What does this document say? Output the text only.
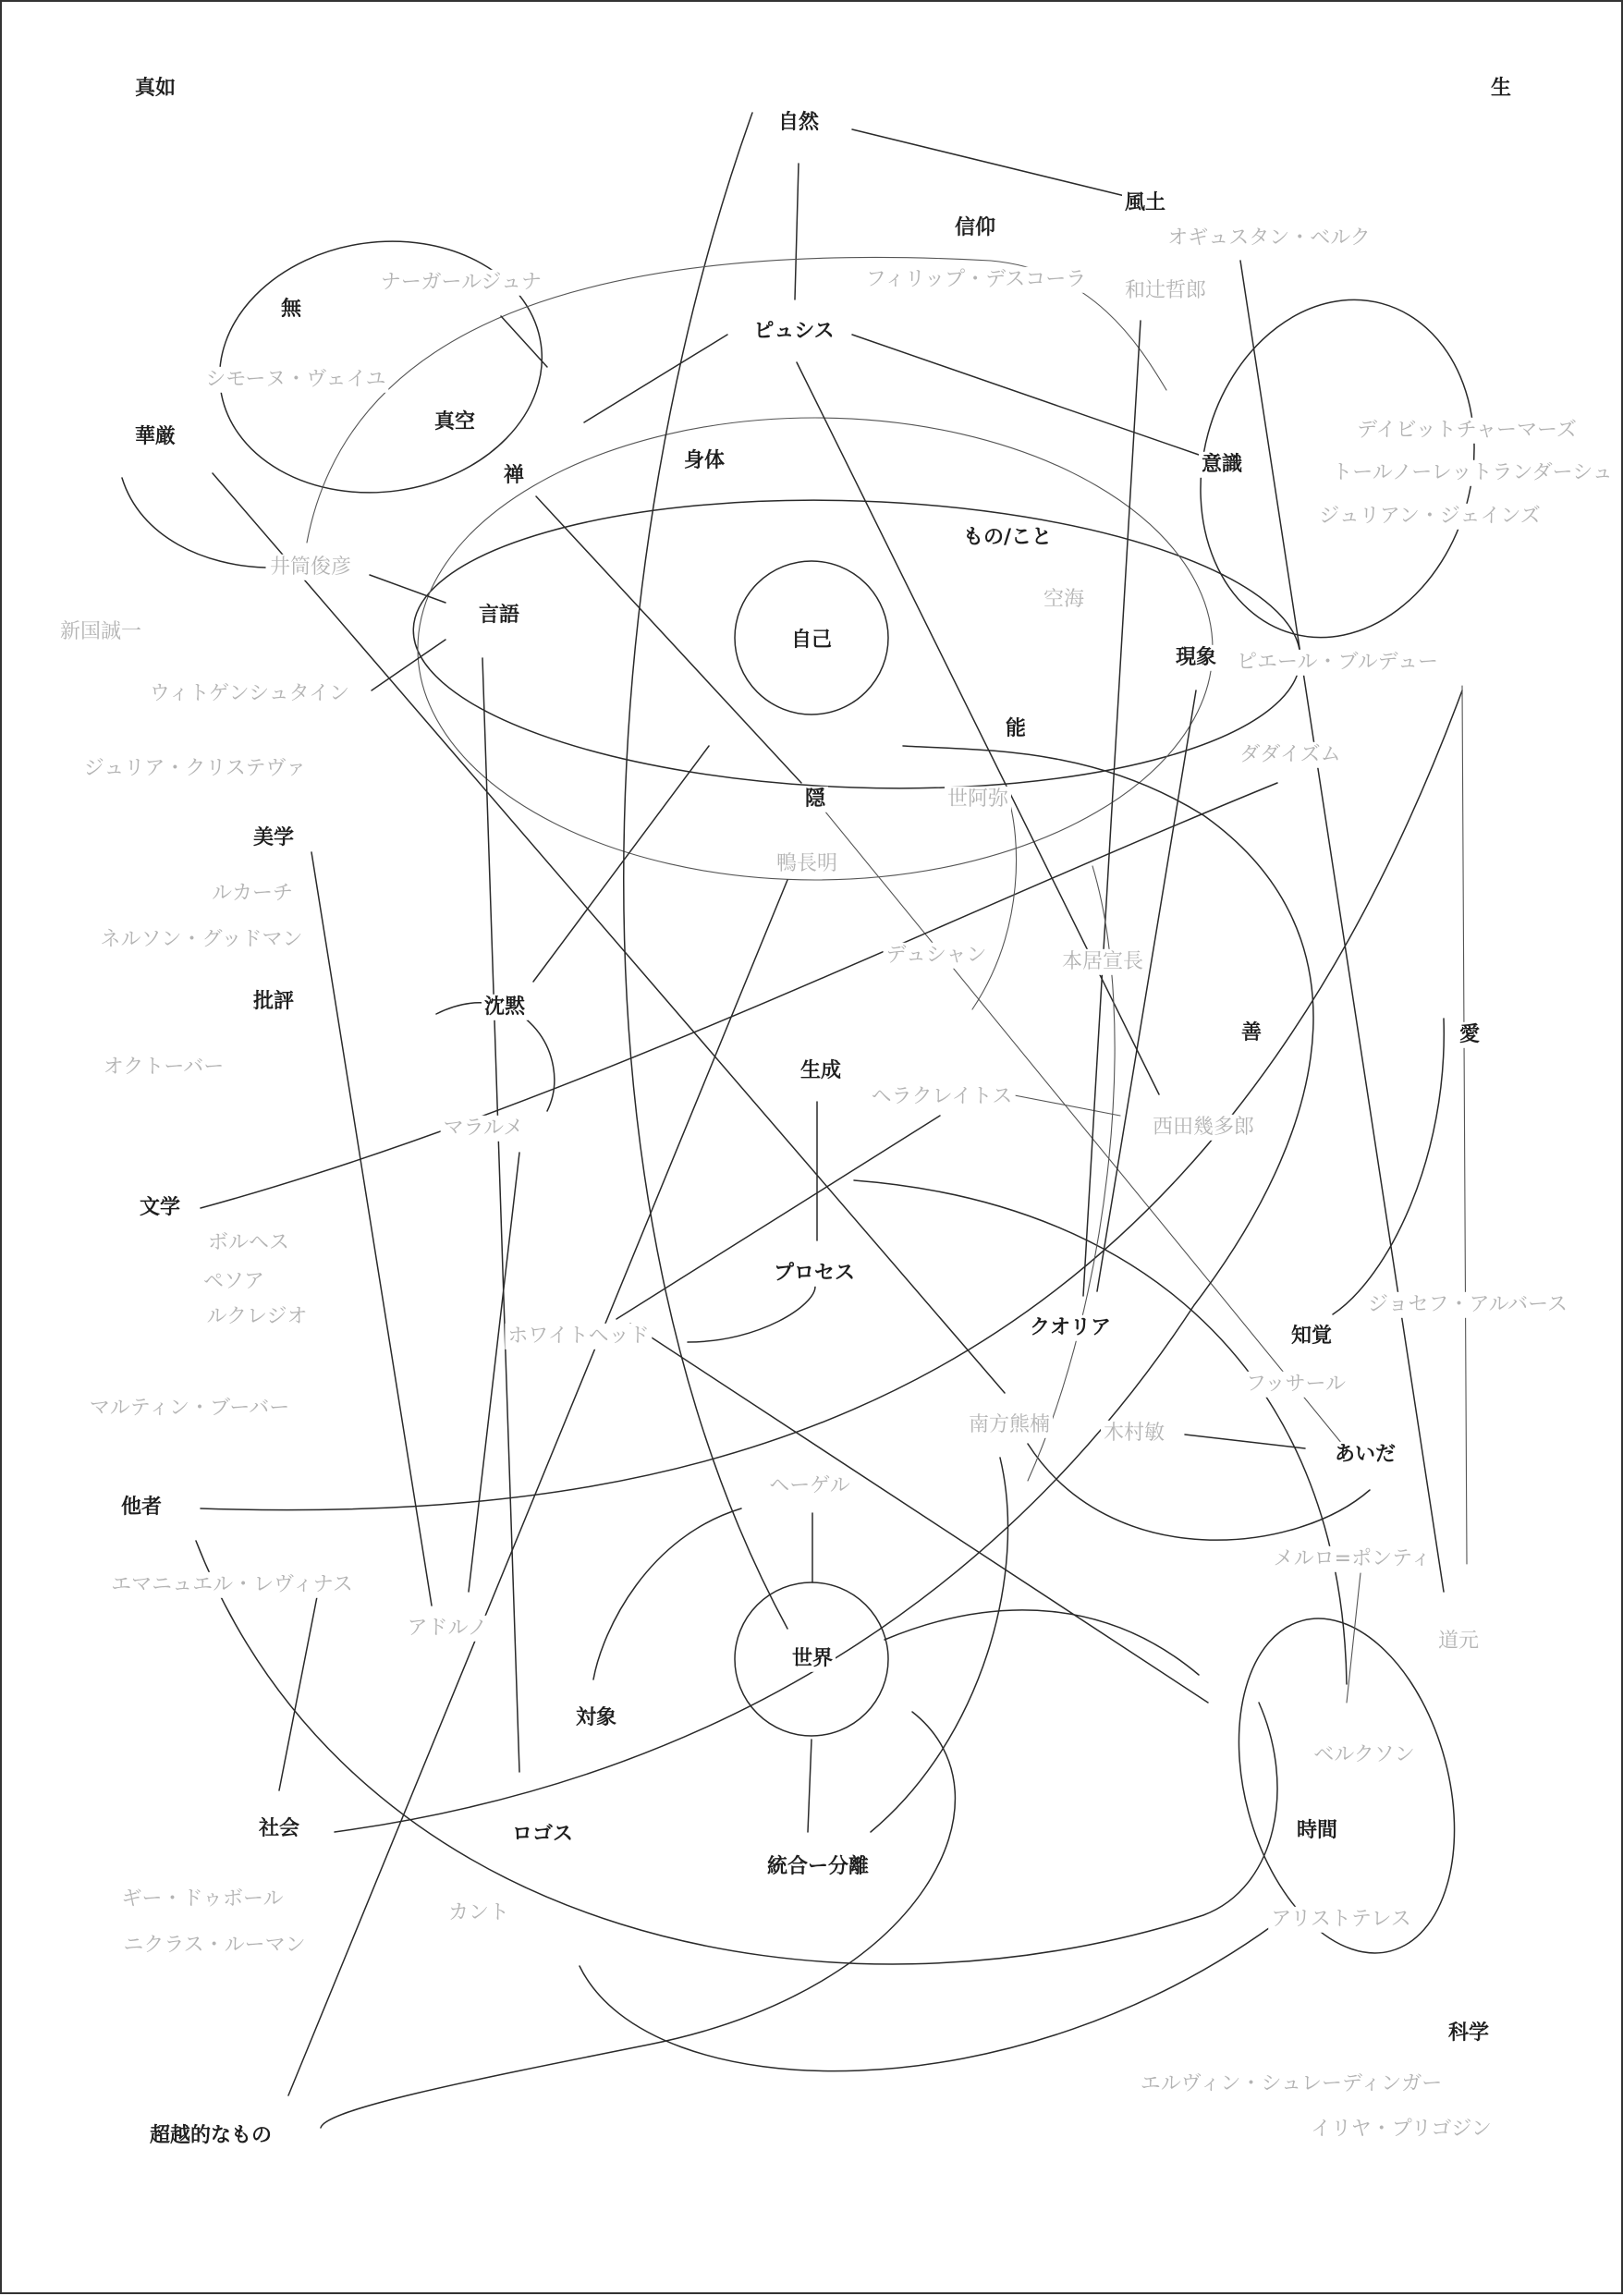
真如	生
自然
風土
信仰
無
ピュシス
華厳
真空
禅
身体	意識
もの/こと
言語
自己
現象
能
隠
美学
批評	沈黙
生成
善	愛
文学
プロセス
クオリア	知覚
あいだ
他者
世界
対象
社会	ロゴス
統合ー分離
時間
科学
超越的なもの
オギュスタン・ベルク
フィリップ・デスコーラ 和辻哲郎
ナーガールジュナ
シモーヌ・ヴェイユ
デイビットチャーマーズ
トールノーレットランダーシュ
ジュリアン・ジェインズ
井筒俊彦
空海
新国誠一
ウィトゲンシュタイン
ピエール・ブルデュー
ダダイズム
ジュリア・クリステヴァ
世阿弥
鴨長明
ルカーチ
ネルソン・グッドマン
デュシャン	本居宣長
オクトーバー
ヘラクレイトス
マラルメ	西田幾多郎
ボルヘス
ペソア
ルクレジオ
ジョセフ・アルバース
ホワイトヘッド
フッサール
マルティン・ブーバー
南方熊楠	木村敏
ヘーゲル
メルロ=ポンティ
エマニュエル・レヴィナス
道元
アドルノ
ベルクソン
ギー・ドゥボール
カント	アリストテレス
ニクラス・ルーマン
エルヴィン・シュレーディンガー
イリヤ・プリゴジン
